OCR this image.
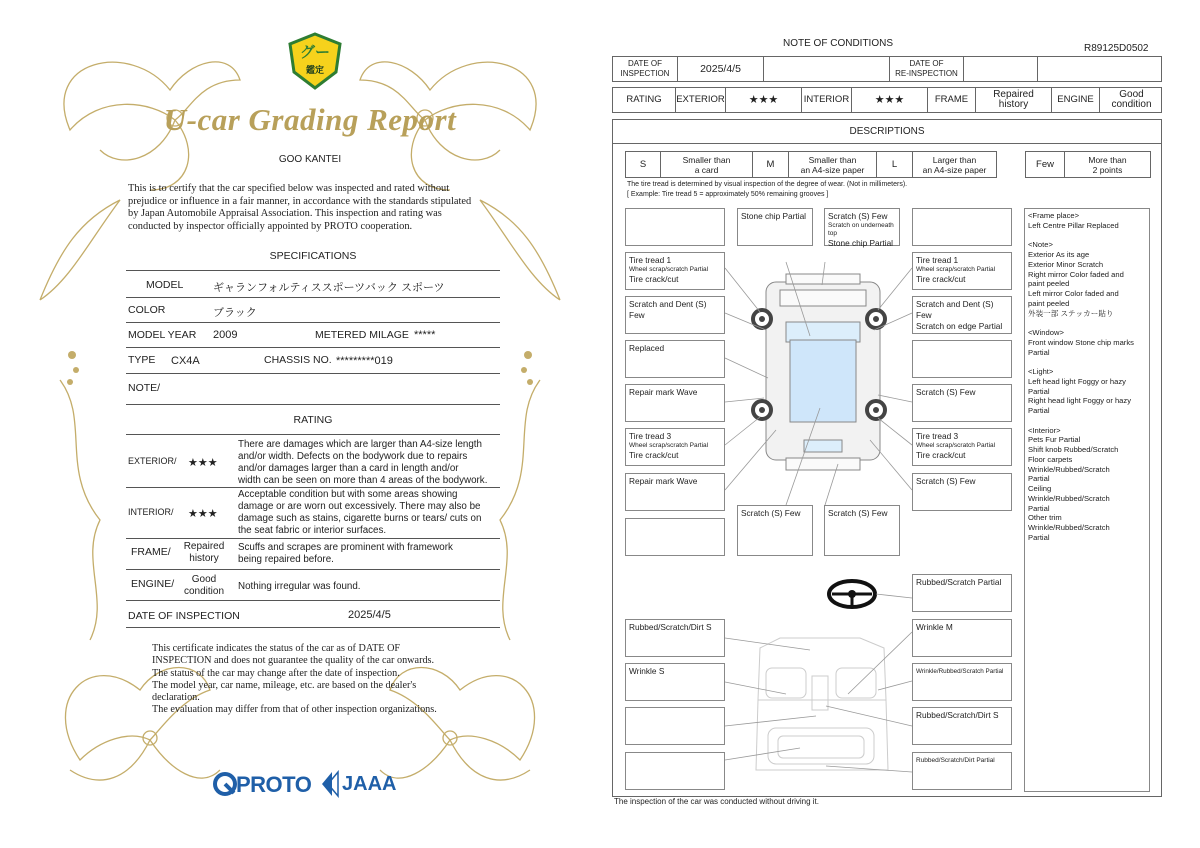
グー
鑑定
U-car Grading Report
GOO KANTEI
This is to certify that the car specified below was inspected and rated without
prejudice or influence in a fair manner, in accordance with the standards stipulated
by Japan Automobile Appraisal Association. This inspection and rating was
conducted by inspector officially appointed by PROTO cooperation.
SPECIFICATIONS
MODEL	ギャランフォルティススポーツバック スポーツ
COLOR	ブラック
MODEL YEAR 2009	METERED MILAGE *****
TYPE CX4A	CHASSIS NO. *********019
NOTE/
RATING
EXTERIOR/ ★★★
There are damages which are larger than A4-size length
and/or width. Defects on the bodywork due to repairs
and/or damages larger than a card in length and/or
width can be seen on more than 4 areas of the bodywork.
INTERIOR/ ★★★
Acceptable condition but with some areas showing
damage or are worn out excessively. There may also be
damage such as stains, cigarette burns or tears/ cuts on
the seat fabric or interior surfaces.
FRAME/	Repaired
history
Scuffs and scrapes are prominent with framework
being repaired before.
ENGINE/	Good
condition	Nothing irregular was found.
DATE OF INSPECTION	2025/4/5
This certificate indicates the status of the car as of DATE OF
INSPECTION and does not guarantee the quality of the car onwards.
The status of the car may change after the date of inspection.
The model year, car name, mileage, etc. are based on the dealer's
declaration.
The evaluation may differ from that of other inspection organizations.
PROTO JAAA
NOTE OF CONDITIONS	R89125D0502
DATE OF
INSPECTION	2025/4/5	DATE OF
RE-INSPECTION
RATING	EXTERIOR	★★★	INTERIOR	★★★	FRAME	Repaired
history	ENGINE	Good
condition
DESCRIPTIONS
S	Smaller than
a card	M	Smaller than
an A4-size paper	L	Larger than
an A4-size paper	Few	More than
2 points
The tire tread is determined by visual inspection of the degree of wear. (Not in millimeters).
[ Example: Tire tread 5 = approximately 50% remaining grooves ]
Stone chip Partial	Scratch (S) Few
Scratch on underneath top
Stone chip Partial
Tire tread 1
Wheel scrap/scratch Partial
Tire crack/cut
Tire tread 1
Wheel scrap/scratch Partial
Tire crack/cut
Scratch and Dent (S) Few
Scratch and Dent (S) Few
Scratch on edge Partial
Replaced
Repair mark Wave	Scratch (S) Few
Tire tread 3
Wheel scrap/scratch Partial
Tire crack/cut
Tire tread 3
Wheel scrap/scratch Partial
Tire crack/cut
Repair mark Wave	Scratch (S) Few
Scratch (S) Few	Scratch (S) Few
Rubbed/Scratch Partial
Rubbed/Scratch/Dirt S	Wrinkle M
Wrinkle S	Wrinkle/Rubbed/Scratch Partial
Rubbed/Scratch/Dirt S
Rubbed/Scratch/Dirt Partial
<Frame place>
Left Centre Pillar Replaced
<Note>
Exterior As its age
Exterior Minor Scratch
Right mirror Color faded and
paint peeled
Left mirror Color faded and
paint peeled
外装一部 ステッカー貼り
<Window>
Front window Stone chip marks
Partial
<Light>
Left head light Foggy or hazy
Partial
Right head light Foggy or hazy
Partial
<Interior>
Pets Fur Partial
Shift knob Rubbed/Scratch
Floor carpets
Wrinkle/Rubbed/Scratch
Partial
Ceiling
Wrinkle/Rubbed/Scratch
Partial
Other trim
Wrinkle/Rubbed/Scratch
Partial
The inspection of the car was conducted without driving it.
